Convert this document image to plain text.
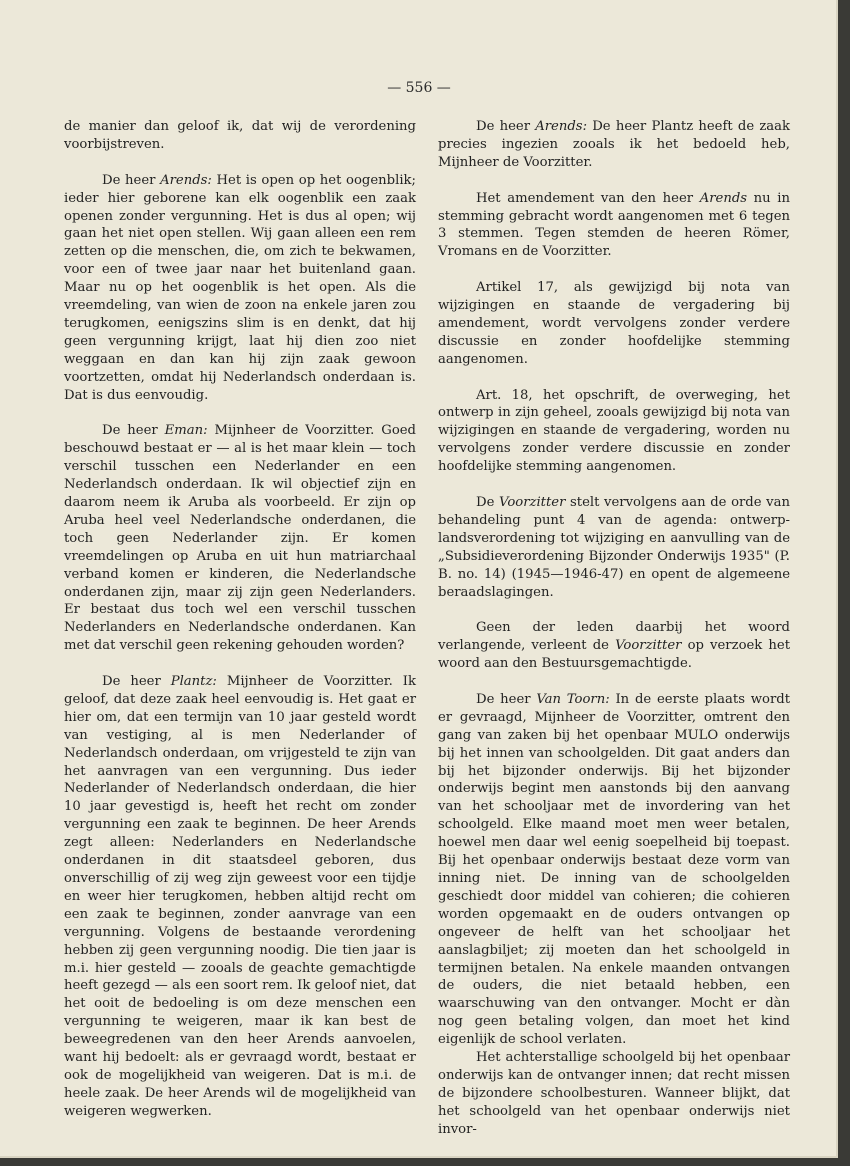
— 556 —

de manier dan geloof ik, dat wij de verordening voorbijstreven.

De heer Arends: Het is open op het oogenblik; ieder hier geborene kan elk oogenblik een zaak openen zonder vergunning. Het is dus al open; wij gaan het niet open stellen. Wij gaan alleen een rem zetten op die menschen, die, om zich te bekwamen, voor een of twee jaar naar het buitenland gaan. Maar nu op het oogenblik is het open. Als die vreemdeling, van wien de zoon na enkele jaren zou terugkomen, eenigszins slim is en denkt, dat hij geen vergunning krijgt, laat hij dien zoo niet weggaan en dan kan hij zijn zaak gewoon voortzetten, omdat hij Nederlandsch onderdaan is. Dat is dus eenvoudig.

De heer Eman: Mijnheer de Voorzitter. Goed beschouwd bestaat er — al is het maar klein — toch verschil tusschen een Nederlander en een Nederlandsch onderdaan. Ik wil objectief zijn en daarom neem ik Aruba als voorbeeld. Er zijn op Aruba heel veel Nederlandsche onderdanen, die toch geen Nederlander zijn. Er komen vreemdelingen op Aruba en uit hun matriarchaal verband komen er kinderen, die Nederlandsche onderdanen zijn, maar zij zijn geen Nederlanders. Er bestaat dus toch wel een verschil tusschen Nederlanders en Nederlandsche onderdanen. Kan met dat verschil geen rekening gehouden worden?

De heer Plantz: Mijnheer de Voorzitter. Ik geloof, dat deze zaak heel eenvoudig is. Het gaat er hier om, dat een termijn van 10 jaar gesteld wordt van vestiging, al is men Nederlander of Nederlandsch onderdaan, om vrijgesteld te zijn van het aanvragen van een vergunning. Dus ieder Nederlander of Nederlandsch onderdaan, die hier 10 jaar gevestigd is, heeft het recht om zonder vergunning een zaak te beginnen. De heer Arends zegt alleen: Nederlanders en Nederlandsche onderdanen in dit staatsdeel geboren, dus onverschillig of zij weg zijn geweest voor een tijdje en weer hier terugkomen, hebben altijd recht om een zaak te beginnen, zonder aanvrage van een vergunning. Volgens de bestaande verordening hebben zij geen vergunning noodig. Die tien jaar is m.i. hier gesteld — zooals de geachte gemachtigde heeft gezegd — als een soort rem. Ik geloof niet, dat het ooit de bedoeling is om deze menschen een vergunning te weigeren, maar ik kan best de beweegredenen van den heer Arends aanvoelen, want hij bedoelt: als er gevraagd wordt, bestaat er ook de mogelijkheid van weigeren. Dat is m.i. de heele zaak. De heer Arends wil de mogelijkheid van weigeren wegwerken.

De heer Arends: De heer Plantz heeft de zaak precies ingezien zooals ik het bedoeld heb, Mijnheer de Voorzitter.

Het amendement van den heer Arends nu in stemming gebracht wordt aangenomen met 6 tegen 3 stemmen. Tegen stemden de heeren Römer, Vromans en de Voorzitter.

Artikel 17, als gewijzigd bij nota van wijzigingen en staande de vergadering bij amendement, wordt vervolgens zonder verdere discussie en zonder hoofdelijke stemming aangenomen.

Art. 18, het opschrift, de overweging, het ontwerp in zijn geheel, zooals gewijzigd bij nota van wijzigingen en staande de vergadering, worden nu vervolgens zonder verdere discussie en zonder hoofdelijke stemming aangenomen.

De Voorzitter stelt vervolgens aan de orde van behandeling punt 4 van de agenda: ontwerp-landsverordening tot wijziging en aanvulling van de „Subsidieverordening Bijzonder Onderwijs 1935" (P. B. no. 14) (1945—1946-47) en opent de algemeene beraadslagingen.

Geen der leden daarbij het woord verlangende, verleent de Voorzitter op verzoek het woord aan den Bestuursgemachtigde.

De heer Van Toorn: In de eerste plaats wordt er gevraagd, Mijnheer de Voorzitter, omtrent den gang van zaken bij het openbaar MULO onderwijs bij het innen van schoolgelden. Dit gaat anders dan bij het bijzonder onderwijs. Bij het bijzonder onderwijs begint men aanstonds bij den aanvang van het schooljaar met de invordering van het schoolgeld. Elke maand moet men weer betalen, hoewel men daar wel eenig soepelheid bij toepast. Bij het openbaar onderwijs bestaat deze vorm van inning niet. De inning van de schoolgelden geschiedt door middel van cohieren; die cohieren worden opgemaakt en de ouders ontvangen op ongeveer de helft van het schooljaar het aanslagbiljet; zij moeten dan het schoolgeld in termijnen betalen. Na enkele maanden ontvangen de ouders, die niet betaald hebben, een waarschuwing van den ontvanger. Mocht er dàn nog geen betaling volgen, dan moet het kind eigenlijk de school verlaten.

Het achterstallige schoolgeld bij het openbaar onderwijs kan de ontvanger innen; dat recht missen de bijzondere schoolbesturen. Wanneer blijkt, dat het schoolgeld van het openbaar onderwijs niet invor-
